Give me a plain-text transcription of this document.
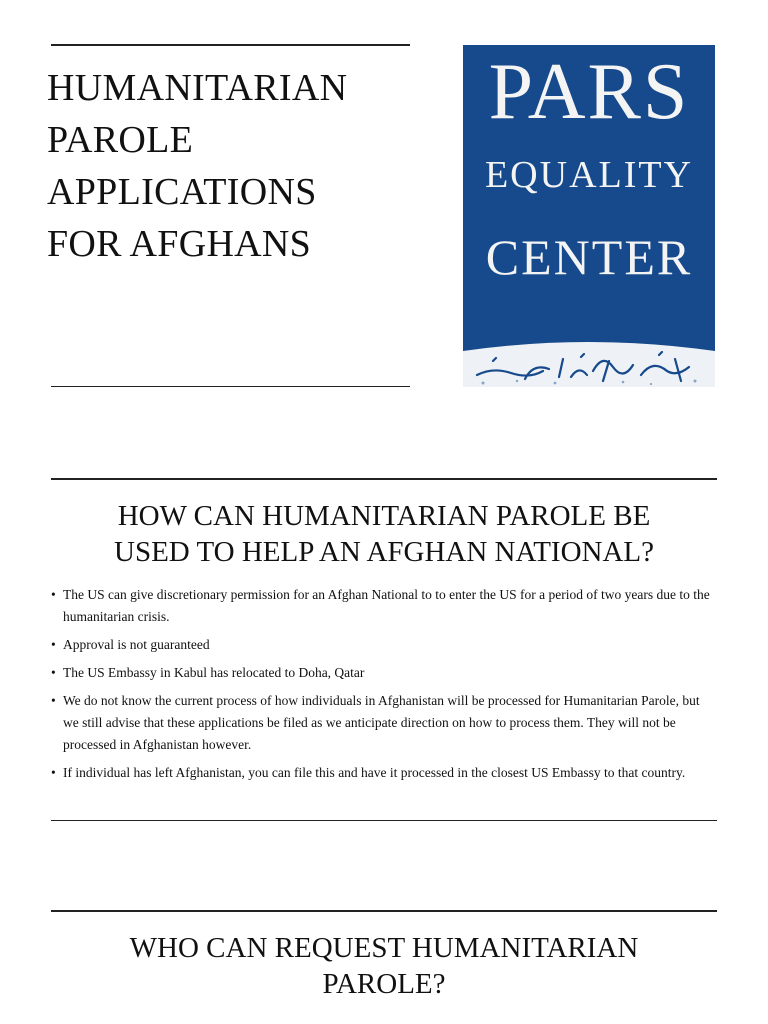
HUMANITARIAN
PAROLE
APPLICATIONS
FOR AFGHANS
PARS
EQUALITY
CENTER
HOW CAN HUMANITARIAN PAROLE BE
USED TO HELP AN AFGHAN NATIONAL?
• The US can give discretionary permission for an Afghan National to to enter the US for a period of two years due to the humanitarian crisis.
• Approval is not guaranteed
• The US Embassy in Kabul has relocated to Doha, Qatar
• We do not know the current process of how individuals in Afghanistan will be processed for Humanitarian Parole, but we still advise that these applications be filed as we anticipate direction on how to process them. They will not be processed in Afghanistan however.
• If individual has left Afghanistan, you can file this and have it processed in the closest US Embassy to that country.
WHO CAN REQUEST HUMANITARIAN
PAROLE?
